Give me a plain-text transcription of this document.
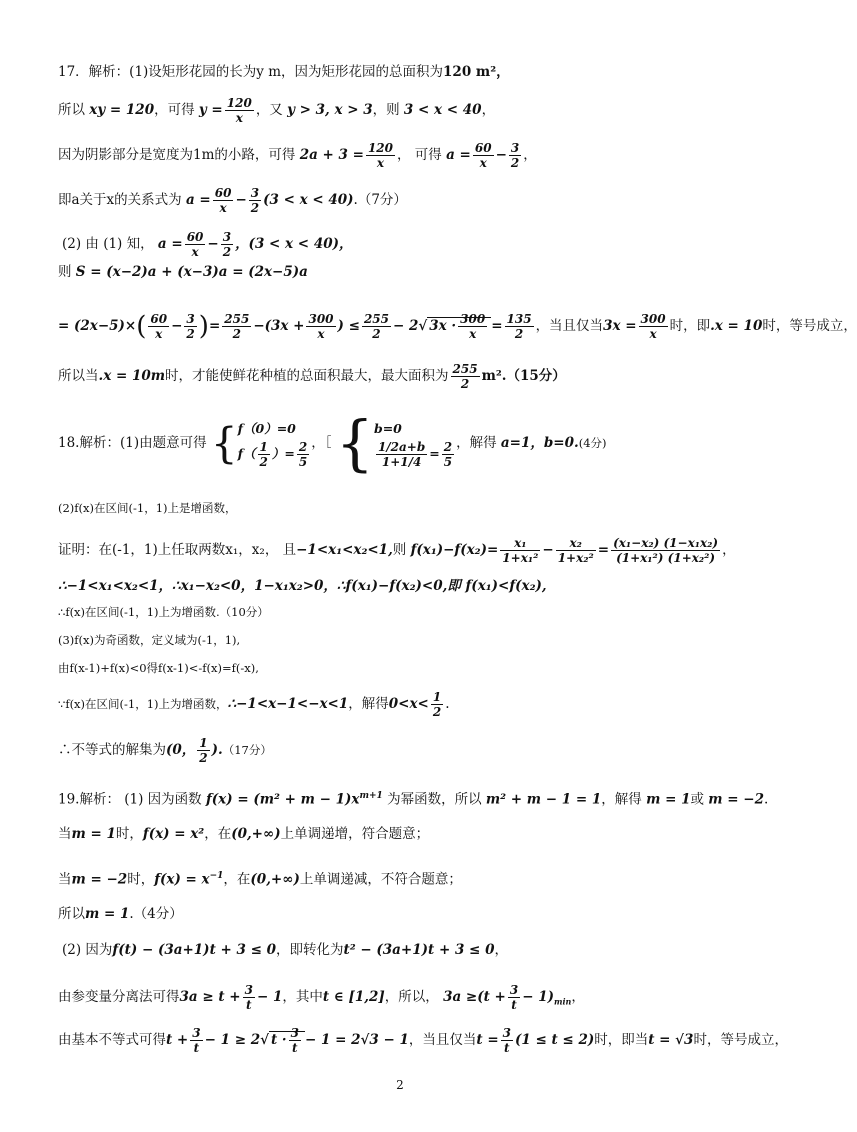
17．解析：(1)设矩形花园的长为y m，因为矩形花园的总面积为120 m²，
所以 xy = 120，可得 $y = \frac{120}{x}$ ，又 y > 3, x > 3，则 3 < x < 40，
因为阴影部分是宽度为1m的小路，可得 $2a + 3 = \frac{120}{x}$ ， 可得 $a = \frac{60}{x} - \frac{3}{2}$ ，
即a关于x的关系式为 $a = \frac{60}{x} - \frac{3}{2} (3 < x < 40).(7$分）
(2) 由 (1) 知， $a = \frac{60}{x} - \frac{3}{2}$ ，(3 < x < 40)，
则 S = (x−2)a + (x−3)a = (2x−5)a
= $(2x-5)\times( \frac{60}{x} - \frac{3}{2}$ )= $\frac{255}{2} -(3x + \frac{300}{x}$ ) ≤ $\frac{255}{2} - 2√$ $3x \cdot \frac{300}{x} = \frac{135}{2}$ ，当且仅当$3x = \frac{300}{x}$ 时，即.x = 10时，等号成立，
所以当.x = 10m时，才能使鲜花种植的总面积最大，最大面积为 $\frac{255}{2} m^2.(15$分）
18.解析：(1)由题意可得 { f（0）=0
$f( \frac{1}{2}$ ）= $\frac{2}{5}$ ，［ { b=0
$\frac{1/2a+b}{1+1/4} = \frac{2}{5}$ ，解得 a=1，b=0.(4分)
(2)f(x)在区间(-1，1)上是增函数，
证明：在(-1，1)上任取两数x₁，x₂， 且−1<x₁<x₂<1,则 $f(x_1)-f(x_2)= \frac{\text{x₁}}{\text{1+x₁²}} - \frac{\text{x₂}}{\text{1+x₂²}} = \frac{\text{(x₁−x₂) (1−x₁x₂)}}{\text{(1+x₁²) (1+x₂²)}}$ ，
∴−1<x₁<x₂<1，∴x₁−x₂<0，1−x₁x₂>0，∴f(x₁)−f(x₂)<0,即 f(x₁)<f(x₂),
∴f(x)在区间(-1，1)上为增函数.（10分）
(3)f(x)为奇函数，定义域为(-1，1),
由f(x-1)+f(x)<0得f(x-1)<-f(x)=f(-x),
∵f(x)在区间(-1，1)上为增函数，∴−1<x−1<−x<1，解得$0<x< \frac{1}{2}$ .
∴不等式的解集为(0， $\frac{1}{2} ).(17$分）
19.解析： (1) 因为函数 $f(x) = (m^2 + m - 1)x^{m+1}$ 为幂函数，所以 m² + m − 1 = 1，解得 m = 1或 m = −2.
当m = 1时，f(x) = x²，在(0,+∞)上单调递增，符合题意；
当m = −2时，$f(x) = x^{-1}$，在(0,+∞)上单调递减，不符合题意；
所以m = 1.（4分）
(2) 因为f(t) − (3a+1)t + 3 ≤ 0，即转化为t² − (3a+1)t + 3 ≤ 0，
由参变量分离法可得$3a \ge t + \frac{3}{t} - 1$，其中t ∈ [1,2]，所以， $3a \ge(t + \frac{3}{t} - 1)_{min}$，
由基本不等式可得$t + \frac{3}{t} - 1 \ge 2√$ $t \cdot \frac{3}{t} - 1 = 2√3 - 1$，当且仅当$t = \frac{3}{t} (1 \le t \le 2)$时，即当t = √3时，等号成立，
2
